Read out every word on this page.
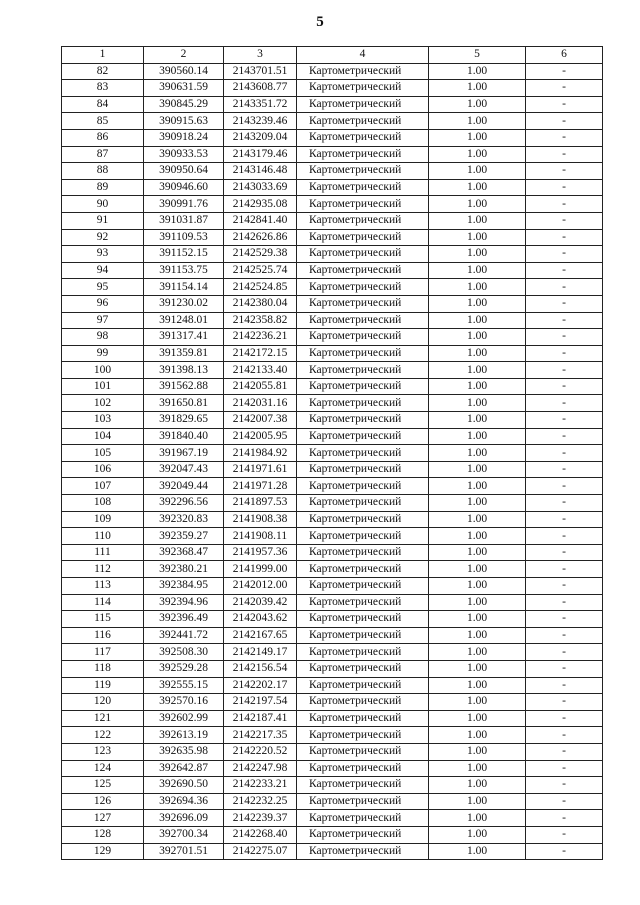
5
1	2	3	4	5	6
82	390560.14	2143701.51	Картометрический	1.00	-
83	390631.59	2143608.77	Картометрический	1.00	-
84	390845.29	2143351.72	Картометрический	1.00	-
85	390915.63	2143239.46	Картометрический	1.00	-
86	390918.24	2143209.04	Картометрический	1.00	-
87	390933.53	2143179.46	Картометрический	1.00	-
88	390950.64	2143146.48	Картометрический	1.00	-
89	390946.60	2143033.69	Картометрический	1.00	-
90	390991.76	2142935.08	Картометрический	1.00	-
91	391031.87	2142841.40	Картометрический	1.00	-
92	391109.53	2142626.86	Картометрический	1.00	-
93	391152.15	2142529.38	Картометрический	1.00	-
94	391153.75	2142525.74	Картометрический	1.00	-
95	391154.14	2142524.85	Картометрический	1.00	-
96	391230.02	2142380.04	Картометрический	1.00	-
97	391248.01	2142358.82	Картометрический	1.00	-
98	391317.41	2142236.21	Картометрический	1.00	-
99	391359.81	2142172.15	Картометрический	1.00	-
100	391398.13	2142133.40	Картометрический	1.00	-
101	391562.88	2142055.81	Картометрический	1.00	-
102	391650.81	2142031.16	Картометрический	1.00	-
103	391829.65	2142007.38	Картометрический	1.00	-
104	391840.40	2142005.95	Картометрический	1.00	-
105	391967.19	2141984.92	Картометрический	1.00	-
106	392047.43	2141971.61	Картометрический	1.00	-
107	392049.44	2141971.28	Картометрический	1.00	-
108	392296.56	2141897.53	Картометрический	1.00	-
109	392320.83	2141908.38	Картометрический	1.00	-
110	392359.27	2141908.11	Картометрический	1.00	-
111	392368.47	2141957.36	Картометрический	1.00	-
112	392380.21	2141999.00	Картометрический	1.00	-
113	392384.95	2142012.00	Картометрический	1.00	-
114	392394.96	2142039.42	Картометрический	1.00	-
115	392396.49	2142043.62	Картометрический	1.00	-
116	392441.72	2142167.65	Картометрический	1.00	-
117	392508.30	2142149.17	Картометрический	1.00	-
118	392529.28	2142156.54	Картометрический	1.00	-
119	392555.15	2142202.17	Картометрический	1.00	-
120	392570.16	2142197.54	Картометрический	1.00	-
121	392602.99	2142187.41	Картометрический	1.00	-
122	392613.19	2142217.35	Картометрический	1.00	-
123	392635.98	2142220.52	Картометрический	1.00	-
124	392642.87	2142247.98	Картометрический	1.00	-
125	392690.50	2142233.21	Картометрический	1.00	-
126	392694.36	2142232.25	Картометрический	1.00	-
127	392696.09	2142239.37	Картометрический	1.00	-
128	392700.34	2142268.40	Картометрический	1.00	-
129	392701.51	2142275.07	Картометрический	1.00	-
